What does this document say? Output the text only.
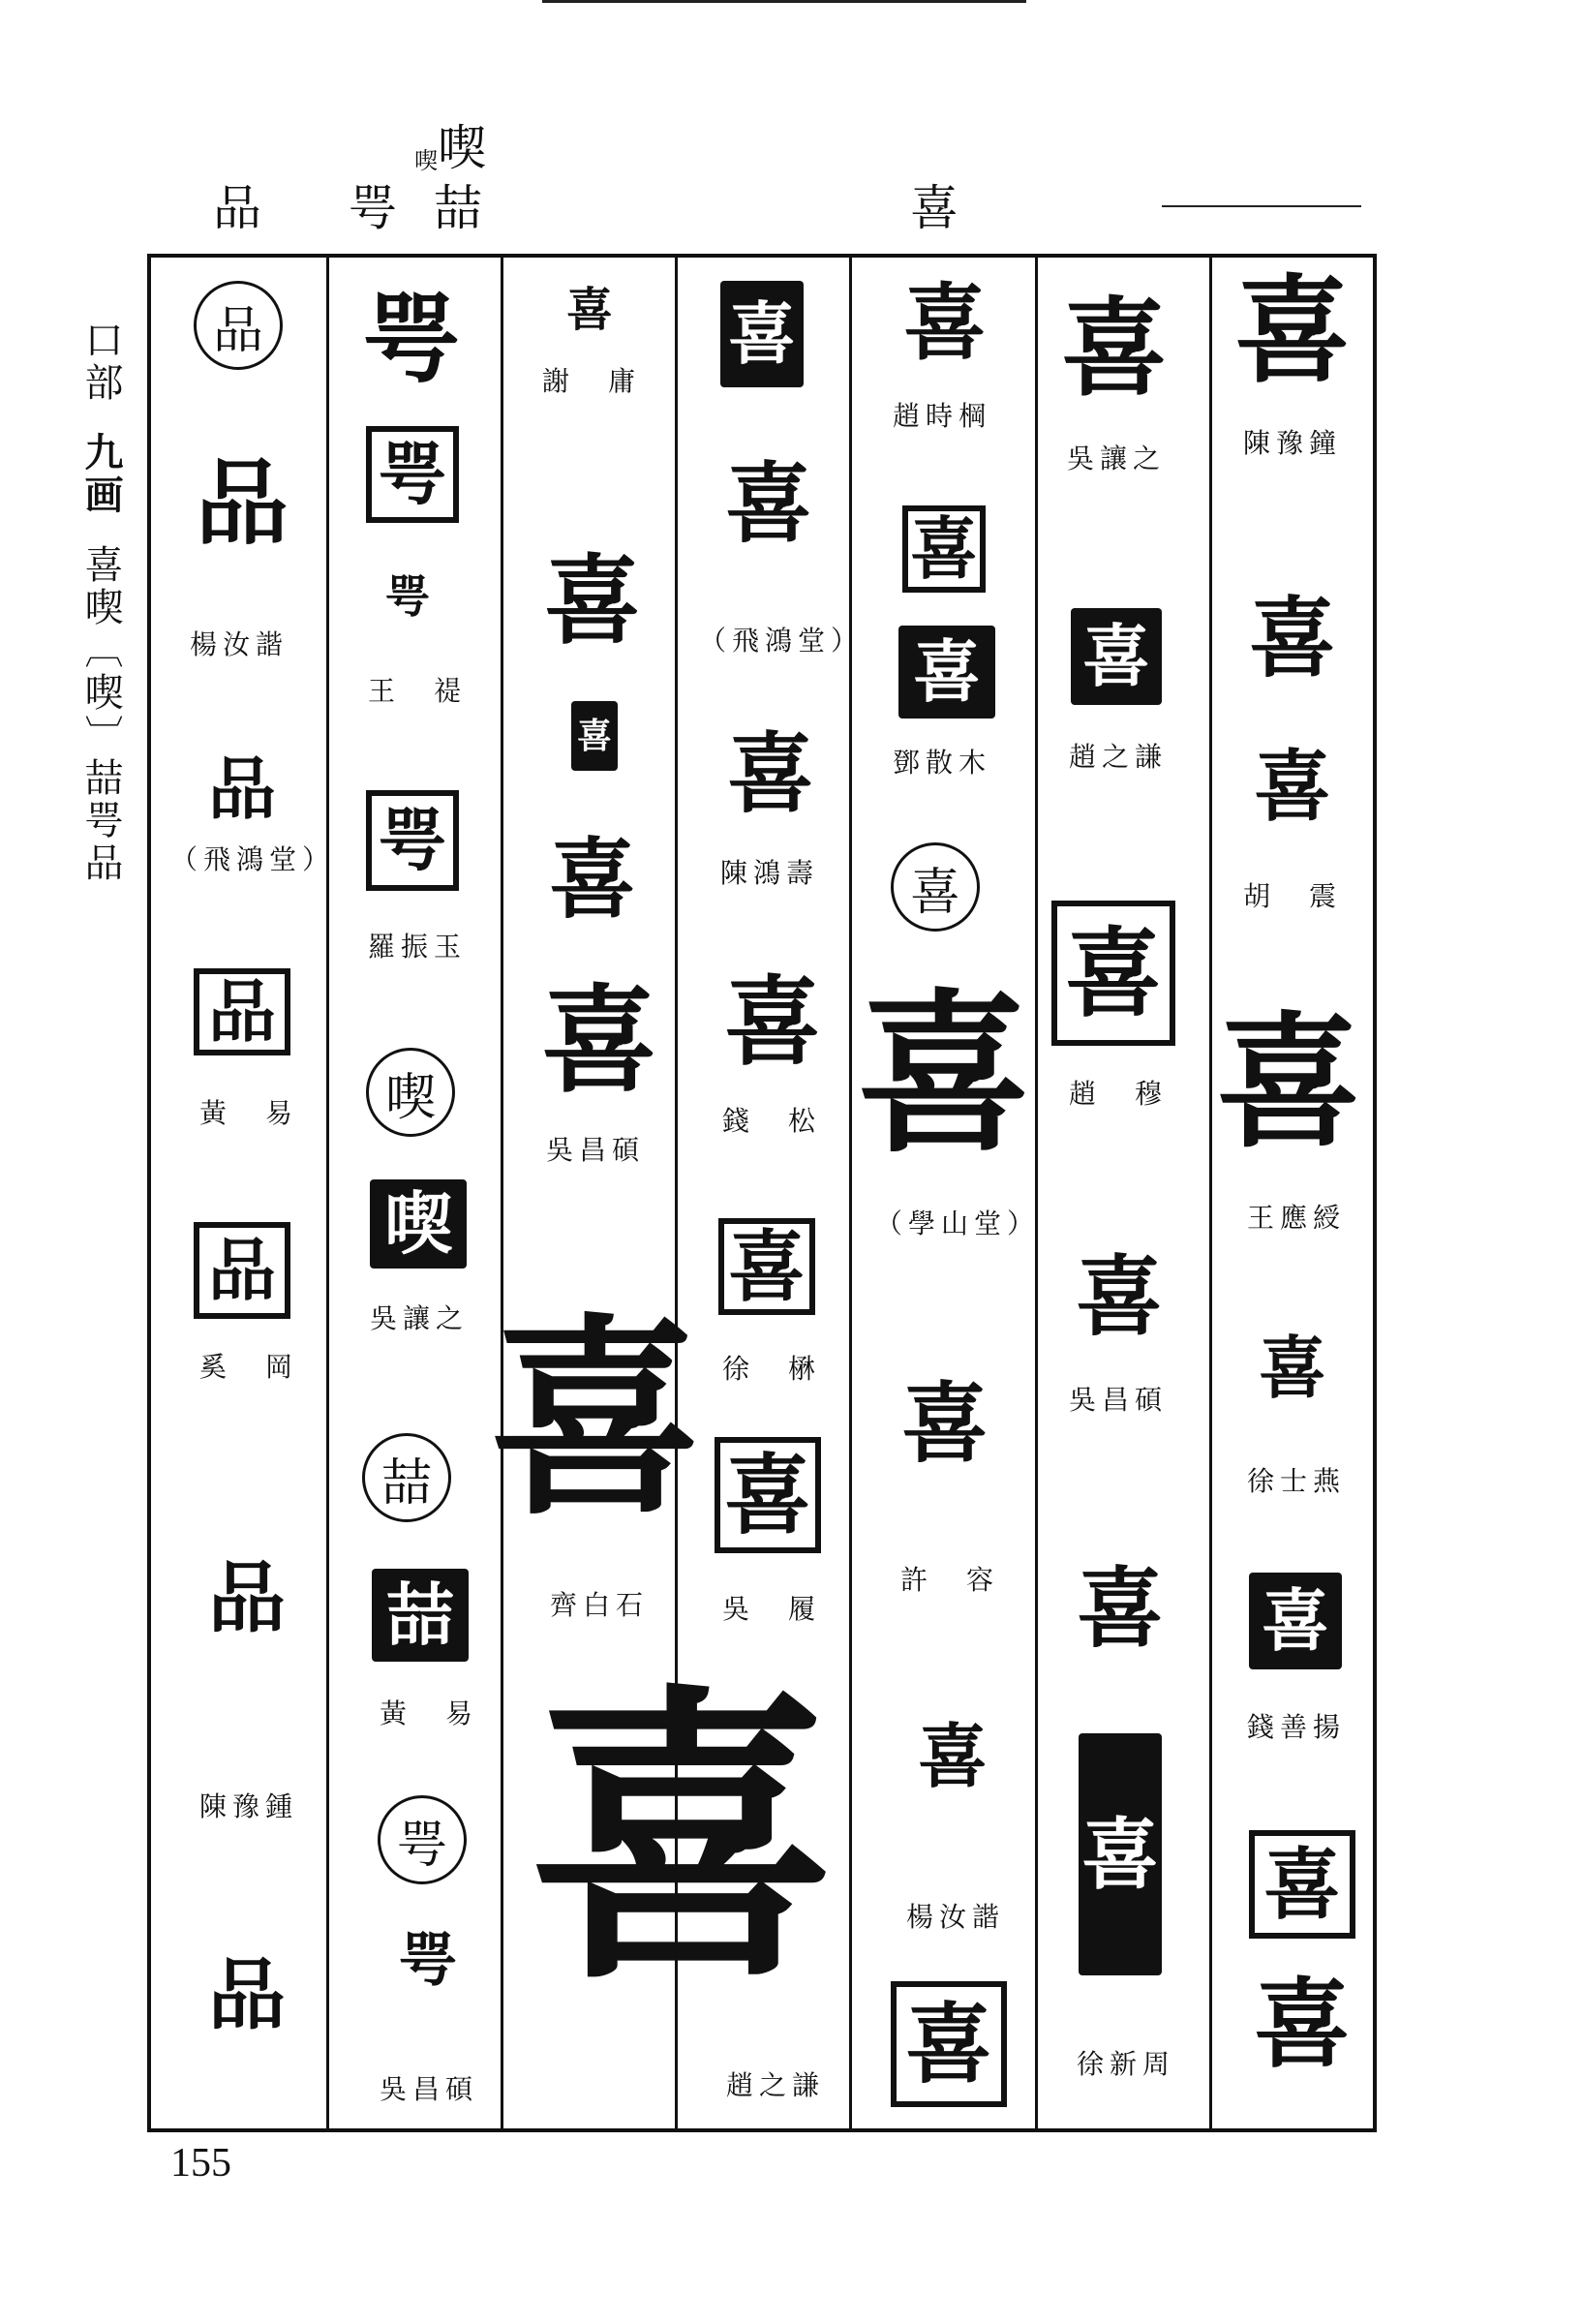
品 咢 喆
喫
喫
喜
口部
九画
喜喫〔喫〕喆咢品
品
品
楊汝諧
品
（飛鴻堂）
品
黃　易
品
奚　岡
品
陳豫鍾
品
咢
咢
咢
王　禔
咢
羅振玉
喫
喫
吳讓之
喆
喆
黃　易
咢
咢
吳昌碩
喜
謝　庸
喜
喜
喜
喜
吳昌碩
喜
齊白石
喜
喜
喜
（飛鴻堂）
喜
陳鴻壽
喜
錢　松
喜
徐　楙
喜
吳　履
趙之謙
喜
趙時棡
喜
喜
鄧散木
喜
喜
（學山堂）
喜
許　容
喜
楊汝諧
喜
喜
吳讓之
喜
趙之謙
喜
趙　穆
喜
吳昌碩
喜
喜
徐新周
喜
陳豫鐘
喜
喜
胡　震
喜
王應綬
喜
徐士燕
喜
錢善揚
喜
喜
155
